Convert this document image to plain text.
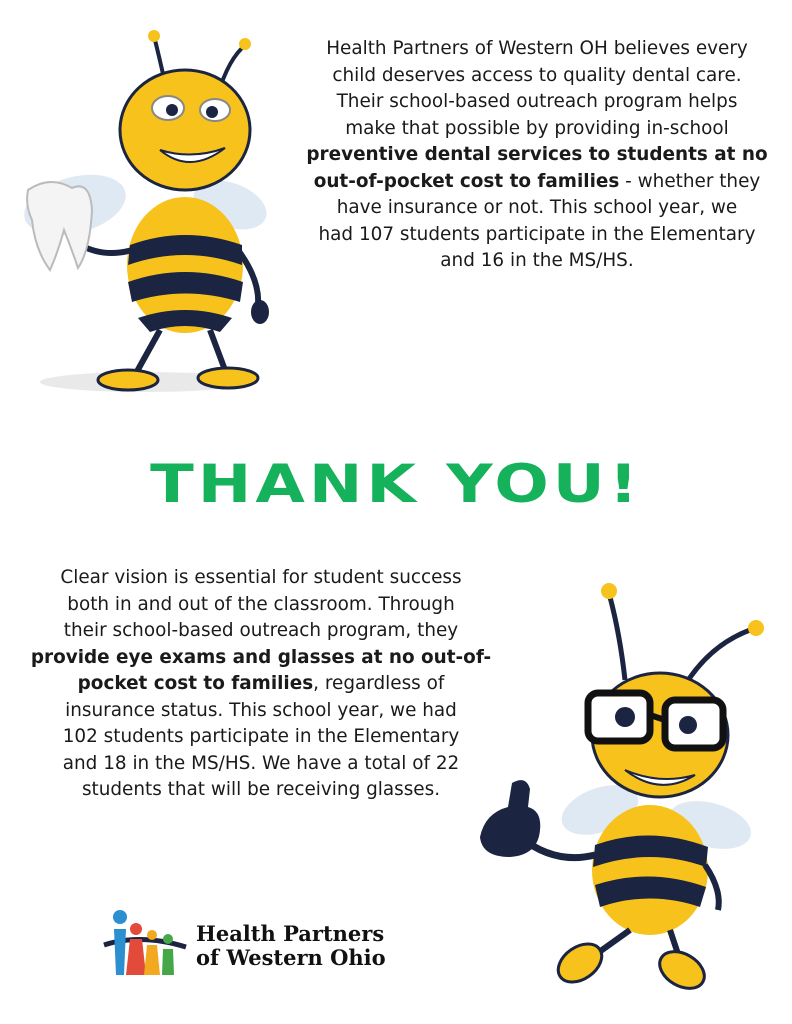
Health Partners of Western OH believes every
child deserves access to quality dental care.
Their school-based outreach program helps
make that possible by providing in-school
preventive dental services to students at no
out-of-pocket cost to families - whether they
have insurance or not. This school year, we
had 107 students participate in the Elementary
and 16 in the MS/HS.
THANK YOU!
Clear vision is essential for student success
both in and out of the classroom. Through
their school-based outreach program, they
provide eye exams and glasses at no out-of-
pocket cost to families, regardless of
insurance status. This school year, we had
102 students participate in the Elementary
and 18 in the MS/HS. We have a total of 22
students that will be receiving glasses.
Health Partners
of Western Ohio
